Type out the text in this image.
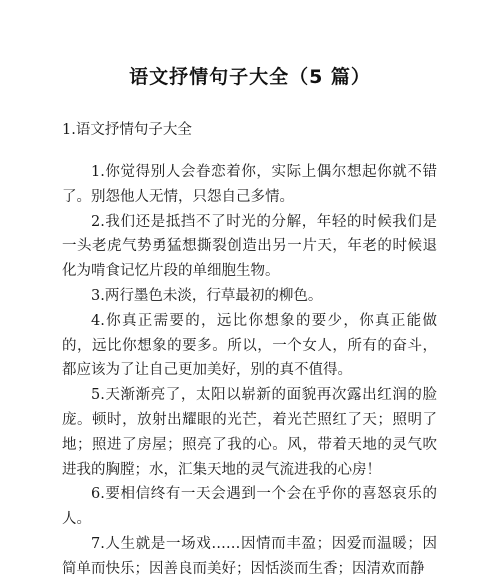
语文抒情句子大全（5 篇）
1.语文抒情句子大全

1.你觉得别人会眷恋着你，实际上偶尔想起你就不错了。别怨他人无情，只怨自己多情。

2.我们还是抵挡不了时光的分解，年轻的时候我们是一头老虎气势勇猛想撕裂创造出另一片天，年老的时候退化为啃食记忆片段的单细胞生物。

3.两行墨色未淡，行草最初的柳色。

4.你真正需要的，远比你想象的要少，你真正能做的，远比你想象的要多。所以，一个女人，所有的奋斗，都应该为了让自己更加美好，别的真不值得。

5.天渐渐亮了，太阳以崭新的面貌再次露出红润的脸庞。顿时，放射出耀眼的光芒，着光芒照红了天；照明了地；照进了房屋；照亮了我的心。风，带着天地的灵气吹进我的胸膛；水，汇集天地的灵气流进我的心房！

6.要相信终有一天会遇到一个会在乎你的喜怒哀乐的人。

7.人生就是一场戏……因情而丰盈；因爱而温暖；因简单而快乐；因善良而美好；因恬淡而生香；因清欢而静
